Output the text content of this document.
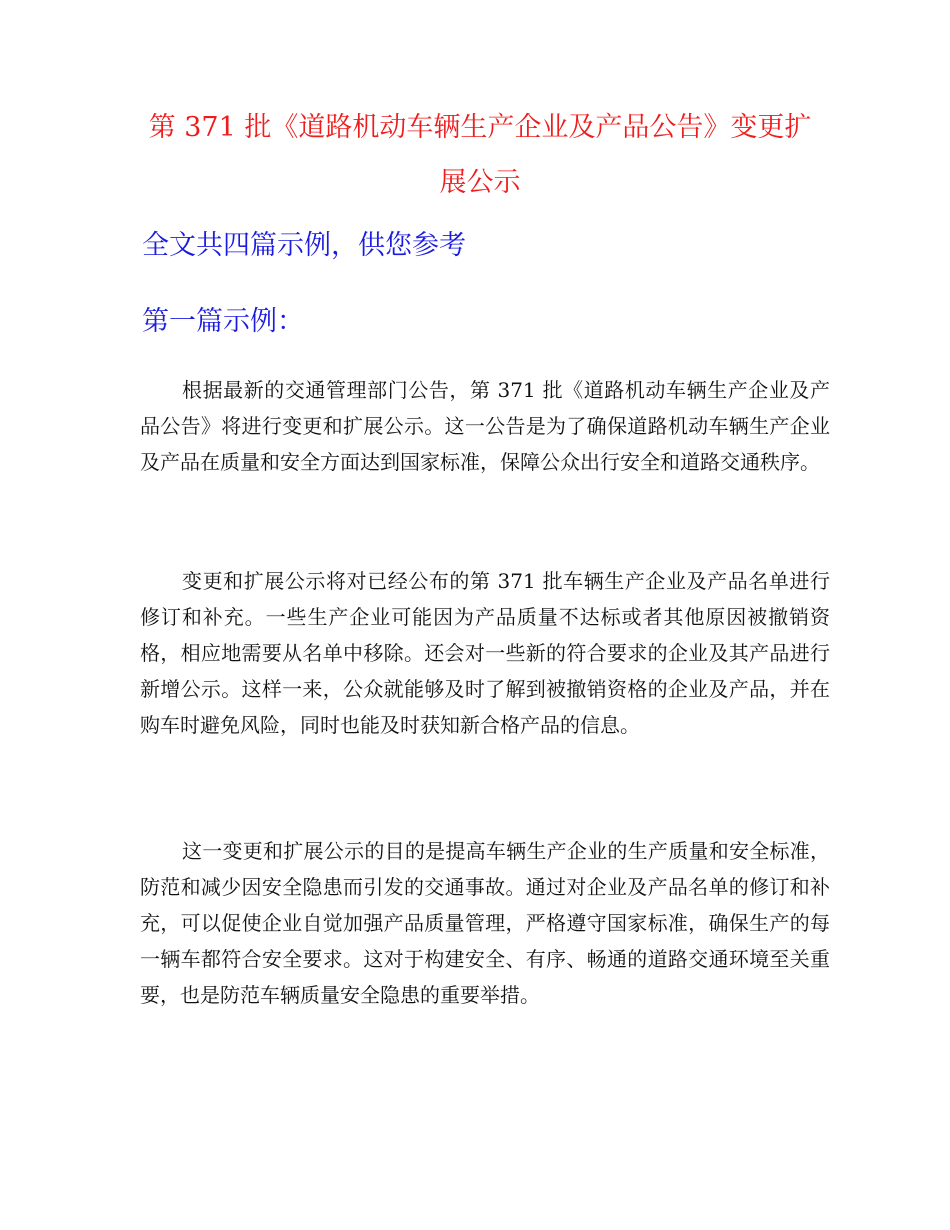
第 371 批《道路机动车辆生产企业及产品公告》变更扩展公示
全文共四篇示例，供您参考
第一篇示例：

根据最新的交通管理部门公告，第 371 批《道路机动车辆生产企业及产品公告》将进行变更和扩展公示。这一公告是为了确保道路机动车辆生产企业及产品在质量和安全方面达到国家标准，保障公众出行安全和道路交通秩序。

变更和扩展公示将对已经公布的第 371 批车辆生产企业及产品名单进行修订和补充。一些生产企业可能因为产品质量不达标或者其他原因被撤销资格，相应地需要从名单中移除。还会对一些新的符合要求的企业及其产品进行新增公示。这样一来，公众就能够及时了解到被撤销资格的企业及产品，并在购车时避免风险，同时也能及时获知新合格产品的信息。

这一变更和扩展公示的目的是提高车辆生产企业的生产质量和安全标准，防范和减少因安全隐患而引发的交通事故。通过对企业及产品名单的修订和补充，可以促使企业自觉加强产品质量管理，严格遵守国家标准，确保生产的每一辆车都符合安全要求。这对于构建安全、有序、畅通的道路交通环境至关重要，也是防范车辆质量安全隐患的重要举措。
